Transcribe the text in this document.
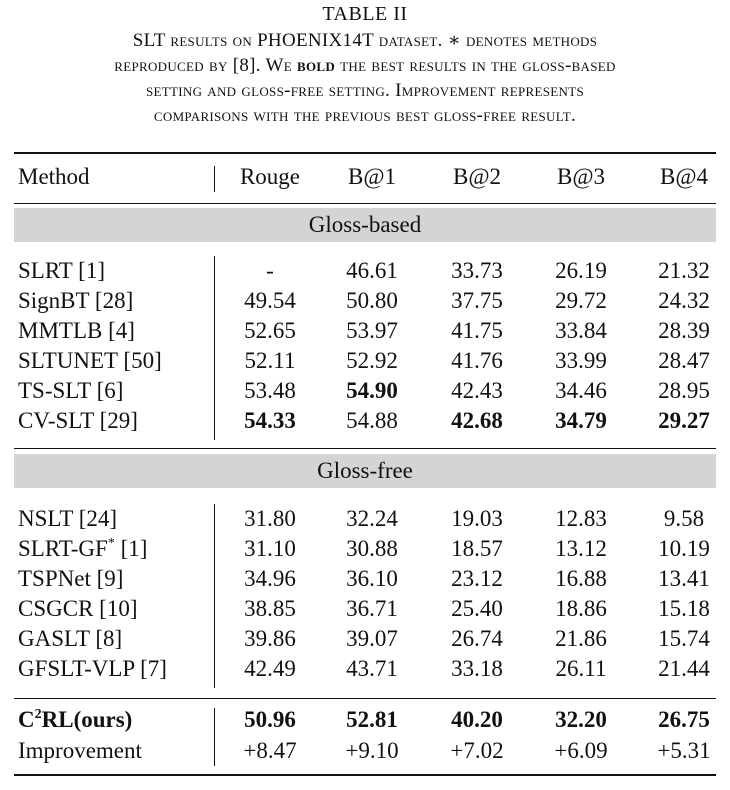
TABLE II
SLT results on PHOENIX14T dataset. ∗ denotes methods
reproduced by [8]. We bold the best results in the gloss-based
setting and gloss-free setting. Improvement represents
comparisons with the previous best gloss-free result.
Method	Rouge	B@1	B@2	B@3	B@4
Gloss-based
SLRT [1]	-	46.61	33.73	26.19	21.32
SignBT [28]	49.54	50.80	37.75	29.72	24.32
MMTLB [4]	52.65	53.97	41.75	33.84	28.39
SLTUNET [50]	52.11	52.92	41.76	33.99	28.47
TS-SLT [6]	53.48	54.90	42.43	34.46	28.95
CV-SLT [29]	54.33	54.88	42.68	34.79	29.27
Gloss-free
NSLT [24]	31.80	32.24	19.03	12.83	9.58
SLRT-GF* [1]	31.10	30.88	18.57	13.12	10.19
TSPNet [9]	34.96	36.10	23.12	16.88	13.41
CSGCR [10]	38.85	36.71	25.40	18.86	15.18
GASLT [8]	39.86	39.07	26.74	21.86	15.74
GFSLT-VLP [7]	42.49	43.71	33.18	26.11	21.44
$C^2RL(ours)$	50.96	52.81	40.20	32.20	26.75
Improvement	+8.47	+9.10	+7.02	+6.09	+5.31
